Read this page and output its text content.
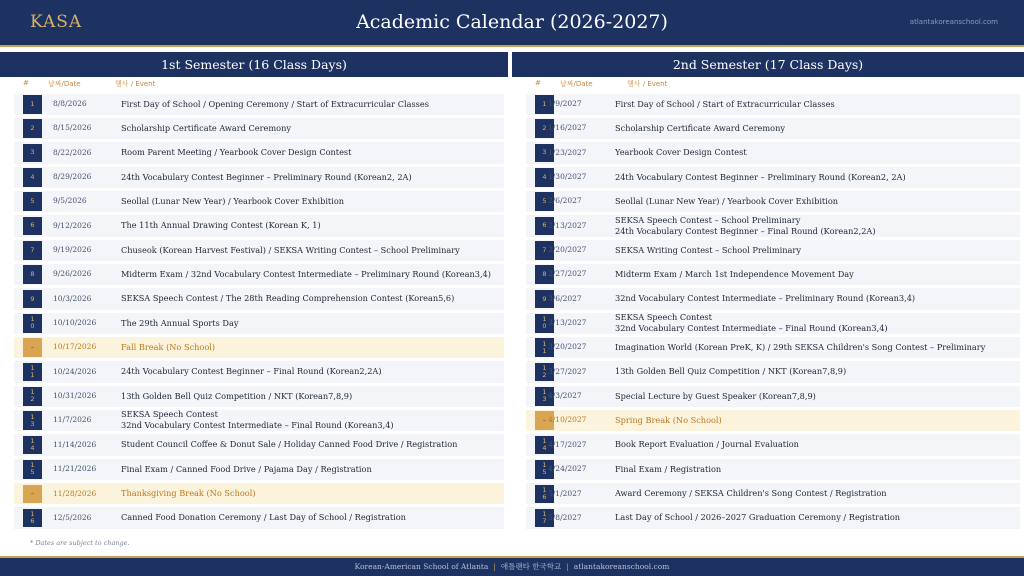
KASA	Academic Calendar (2026-2027)	atlantakoreanschool.com
1st Semester (16 Class Days)	2nd Semester (17 Class Days)
#	날짜/Date	행사 / Event	#	날짜/Date	행사 / Event
1	8/8/2026	First Day of School / Opening Ceremony / Start of Extracurricular Classes
2	8/15/2026	Scholarship Certificate Award Ceremony
3	8/22/2026	Room Parent Meeting / Yearbook Cover Design Contest
4	8/29/2026	24th Vocabulary Contest Beginner – Preliminary Round (Korean2, 2A)
5	9/5/2026	Seollal (Lunar New Year) / Yearbook Cover Exhibition
6	9/12/2026	The 11th Annual Drawing Contest (Korean K, 1)
7	9/19/2026	Chuseok (Korean Harvest Festival) / SEKSA Writing Contest – School Preliminary
8	9/26/2026	Midterm Exam / 32nd Vocabulary Contest Intermediate – Preliminary Round (Korean3,4)
9	10/3/2026	SEKSA Speech Contest / The 28th Reading Comprehension Contest (Korean5,6)
10	10/10/2026	The 29th Annual Sports Day
–	10/17/2026	Fall Break (No School)
11	10/24/2026	24th Vocabulary Contest Beginner – Final Round (Korean2,2A)
12	10/31/2026	13th Golden Bell Quiz Competition / NKT (Korean7,8,9)
13	11/7/2026
SEKSA Speech Contest
32nd Vocabulary Contest Intermediate – Final Round (Korean3,4)
14	11/14/2026	Student Council Coffee & Donut Sale / Holiday Canned Food Drive / Registration
15	11/21/2026	Final Exam / Canned Food Drive / Pajama Day / Registration
–	11/28/2026	Thanksgiving Break (No School)
16	12/5/2026	Canned Food Donation Ceremony / Last Day of School / Registration
1 1/9/2027	First Day of School / Start of Extracurricular Classes
2 1/16/2027	Scholarship Certificate Award Ceremony
3 1/23/2027	Yearbook Cover Design Contest
4 1/30/2027	24th Vocabulary Contest Beginner – Preliminary Round (Korean2, 2A)
5 2/6/2027	Seollal (Lunar New Year) / Yearbook Cover Exhibition
6 2/13/2027
SEKSA Speech Contest – School Preliminary
24th Vocabulary Contest Beginner – Final Round (Korean2,2A)
7 2/20/2027	SEKSA Writing Contest – School Preliminary
8 2/27/2027	Midterm Exam / March 1st Independence Movement Day
9 3/6/2027	32nd Vocabulary Contest Intermediate – Preliminary Round (Korean3,4)
10 3/13/2027
SEKSA Speech Contest
32nd Vocabulary Contest Intermediate – Final Round (Korean3,4)
11 3/20/2027	Imagination World (Korean PreK, K) / 29th SEKSA Children's Song Contest – Preliminary
12 3/27/2027	13th Golden Bell Quiz Competition / NKT (Korean7,8,9)
13 4/3/2027	Special Lecture by Guest Speaker (Korean7,8,9)
– 4/10/2027	Spring Break (No School)
14 4/17/2027	Book Report Evaluation / Journal Evaluation
15 4/24/2027	Final Exam / Registration
16 5/1/2027	Award Ceremony / SEKSA Children's Song Contest / Registration
17 5/8/2027	Last Day of School / 2026–2027 Graduation Ceremony / Registration
* Dates are subject to change.
Korean-American School of Atlanta | 애틀랜타 한국학교 | atlantakoreanschool.com
